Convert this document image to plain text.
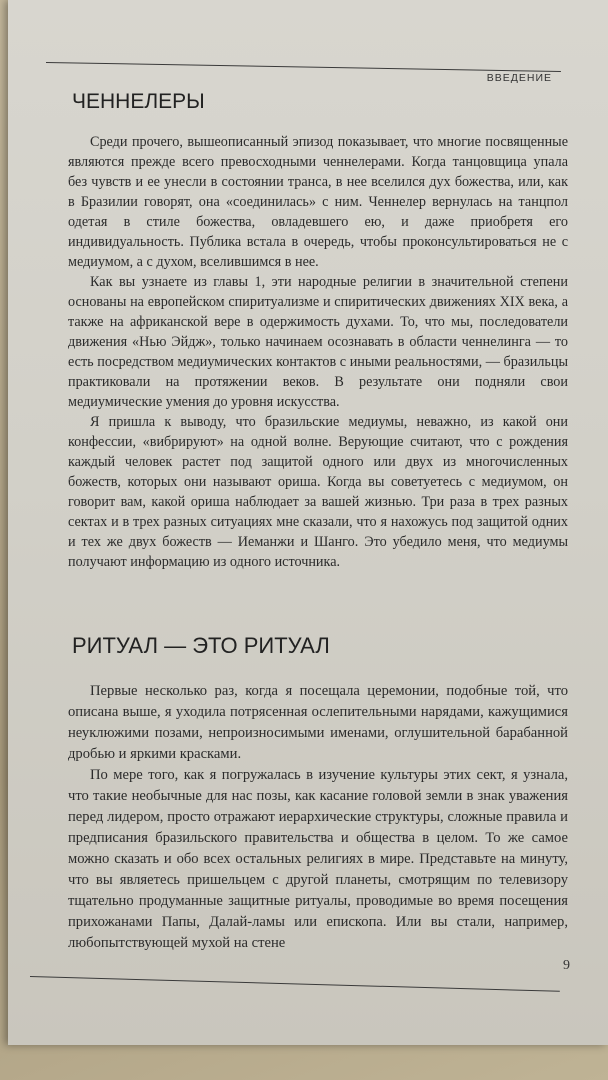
ВВЕДЕНИЕ
ЧЕННЕЛЕРЫ

Среди прочего, вышеописанный эпизод показывает, что многие посвященные являются прежде всего превосходными ченнелерами. Когда танцовщица упала без чувств и ее унесли в состоянии транса, в нее вселился дух божества, или, как в Бразилии говорят, она «соединилась» с ним. Ченнелер вернулась на танцпол одетая в стиле божества, овладевшего ею, и даже приобретя его индивидуальность. Публика встала в очередь, чтобы проконсультироваться не с медиумом, а с духом, вселившимся в нее.

Как вы узнаете из главы 1, эти народные религии в значительной степени основаны на европейском спиритуализме и спиритических движениях XIX века, а также на африканской вере в одержимость духами. То, что мы, последователи движения «Нью Эйдж», только начинаем осознавать в области ченнелинга — то есть посредством медиумических контактов с иными реальностями, — бразильцы практиковали на протяжении веков. В результате они подняли свои медиумические умения до уровня искусства.

Я пришла к выводу, что бразильские медиумы, неважно, из какой они конфессии, «вибрируют» на одной волне. Верующие считают, что с рождения каждый человек растет под защитой одного или двух из многочисленных божеств, которых они называют ориша. Когда вы советуетесь с медиумом, он говорит вам, какой ориша наблюдает за вашей жизнью. Три раза в трех разных сектах и в трех разных ситуациях мне сказали, что я нахожусь под защитой одних и тех же двух божеств — Иеманжи и Шанго. Это убедило меня, что медиумы получают информацию из одного источника.

РИТУАЛ — ЭТО РИТУАЛ

Первые несколько раз, когда я посещала церемонии, подобные той, что описана выше, я уходила потрясенная ослепительными нарядами, кажущимися неуклюжими позами, непроизносимыми именами, оглушительной барабанной дробью и яркими красками.

По мере того, как я погружалась в изучение культуры этих сект, я узнала, что такие необычные для нас позы, как касание головой земли в знак уважения перед лидером, просто отражают иерархические структуры, сложные правила и предписания бразильского правительства и общества в целом. То же самое можно сказать и обо всех остальных религиях в мире. Представьте на минуту, что вы являетесь пришельцем с другой планеты, смотрящим по телевизору тщательно продуманные защитные ритуалы, проводимые во время посещения прихожанами Папы, Далай-ламы или епископа. Или вы стали, например, любопытствующей мухой на стене

9
